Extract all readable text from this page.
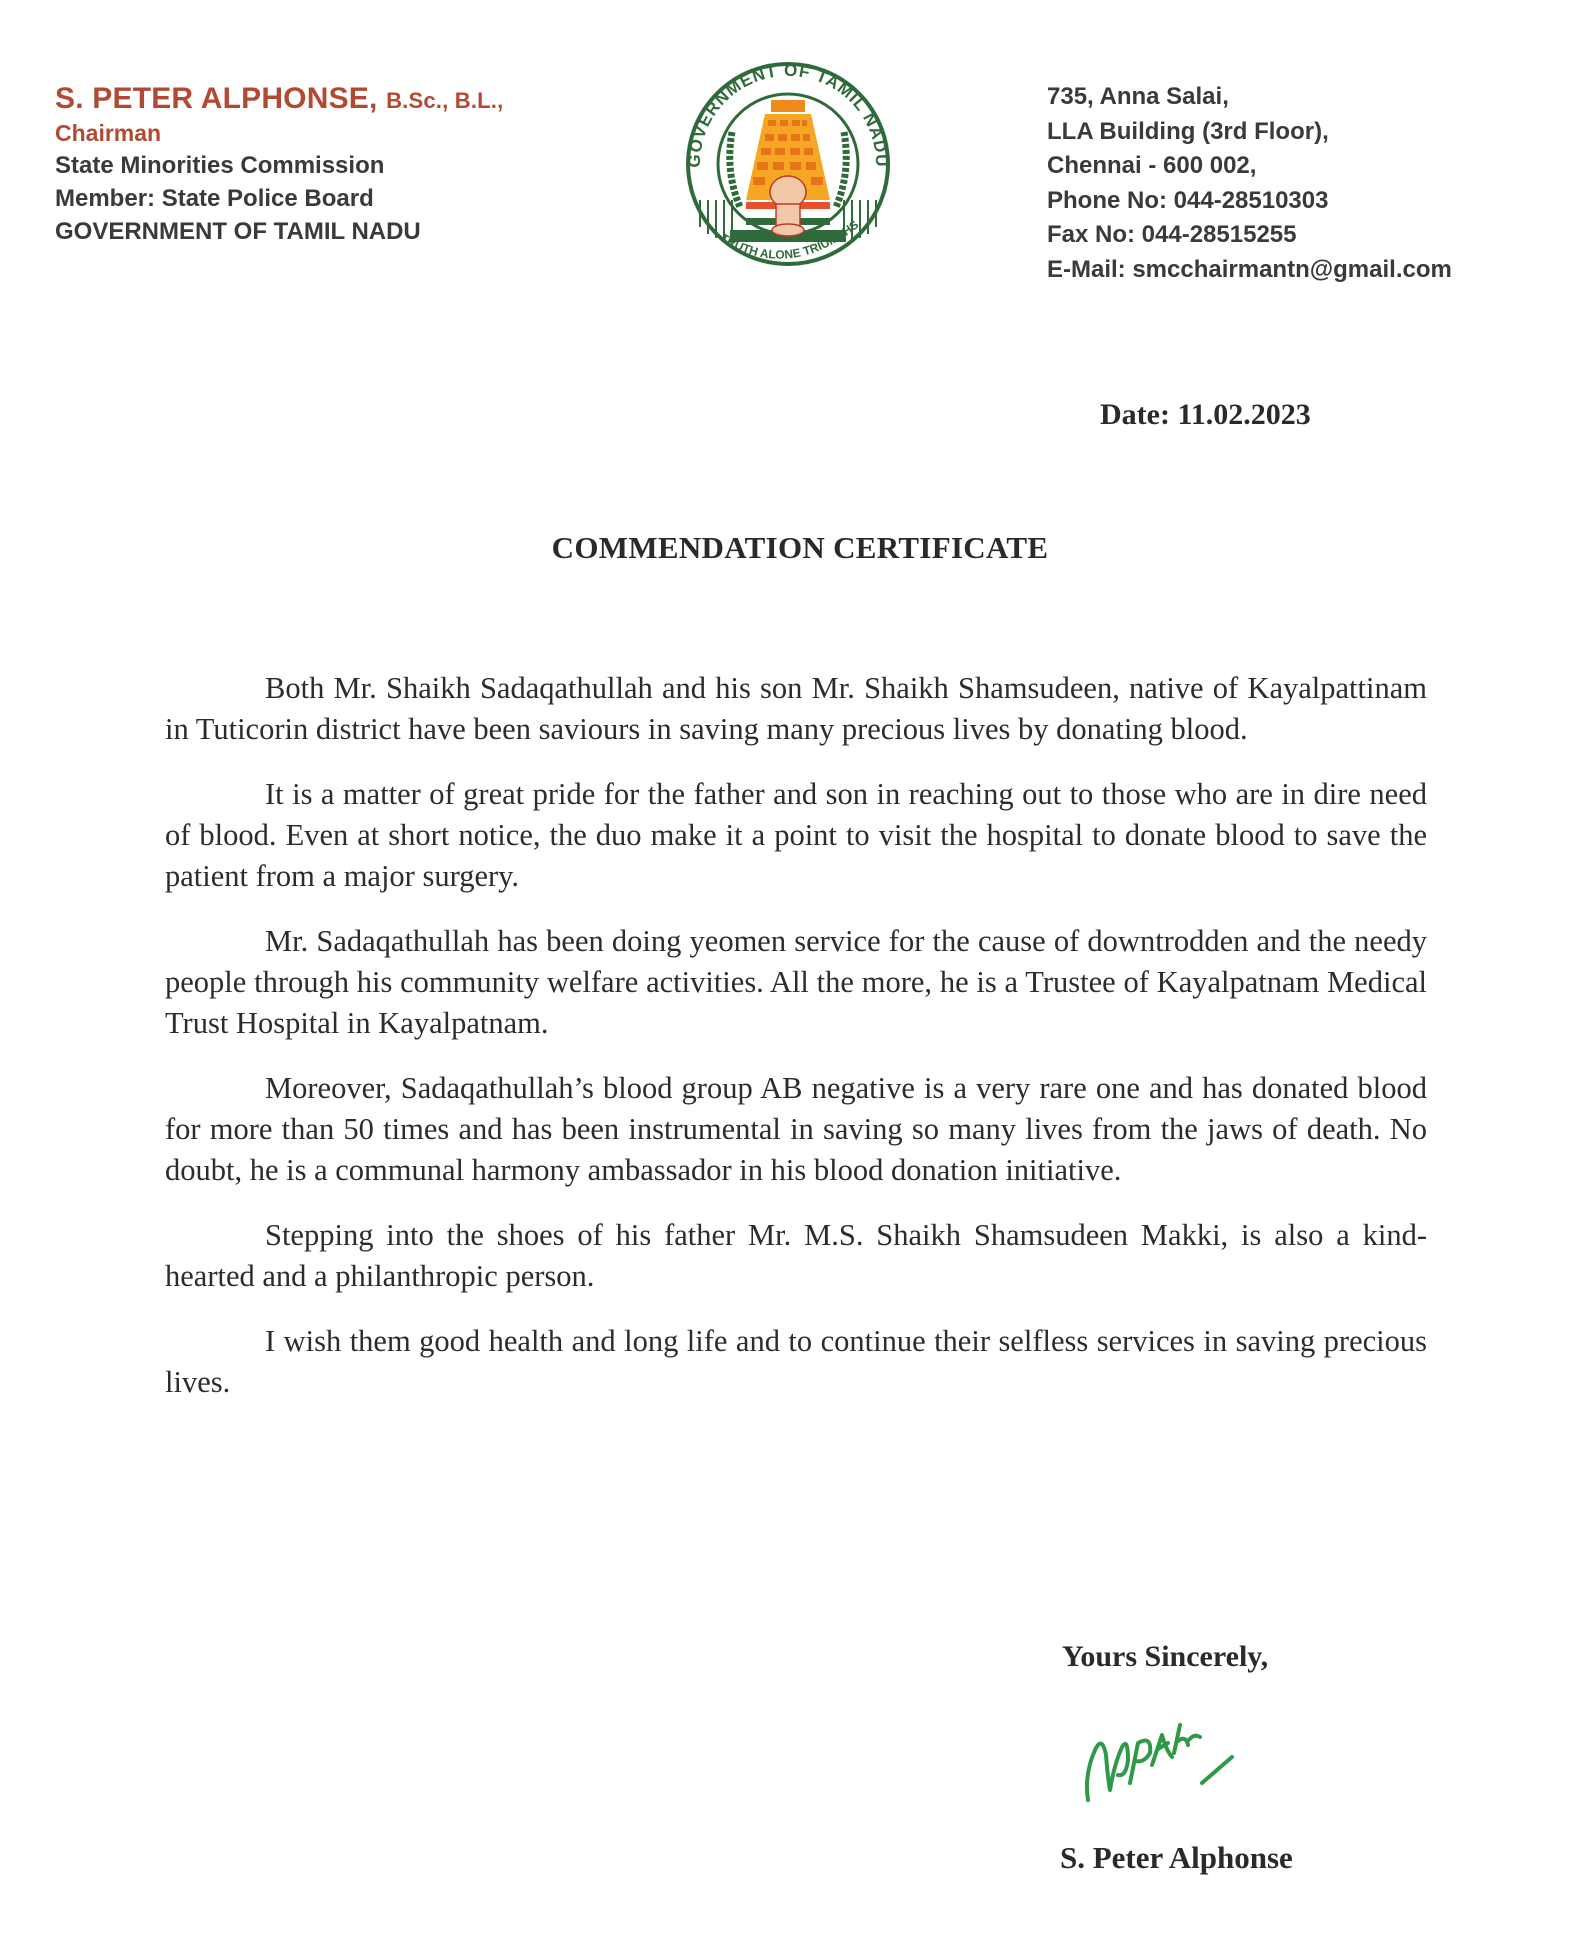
S. PETER ALPHONSE, B.Sc., B.L.,
Chairman
State Minorities Commission
Member: State Police Board
GOVERNMENT OF TAMIL NADU
GOVERNMENT OF TAMIL NADU
TRUTH ALONE TRIUMPHS
735, Anna Salai,
LLA Building (3rd Floor),
Chennai - 600 002,
Phone No: 044-28510303
Fax No: 044-28515255
E-Mail: smcchairmantn@gmail.com
Date: 11.02.2023
COMMENDATION CERTIFICATE

Both Mr. Shaikh Sadaqathullah and his son Mr. Shaikh Shamsudeen, native of Kayalpattinam in Tuticorin district have been saviours in saving many precious lives by donating blood.

It is a matter of great pride for the father and son in reaching out to those who are in dire need of blood. Even at short notice, the duo make it a point to visit the hospital to donate blood to save the patient from a major surgery.

Mr. Sadaqathullah has been doing yeomen service for the cause of downtrodden and the needy people through his community welfare activities. All the more, he is a Trustee of Kayalpatnam Medical Trust Hospital in Kayalpatnam.

Moreover, Sadaqathullah’s blood group AB negative is a very rare one and has donated blood for more than 50 times and has been instrumental in saving so many lives from the jaws of death. No doubt, he is a communal harmony ambassador in his blood donation initiative.

Stepping into the shoes of his father Mr. M.S. Shaikh Shamsudeen Makki, is also a kind-hearted and a philanthropic person.

I wish them good health and long life and to continue their selfless services in saving precious lives.

Yours Sincerely,
S. Peter Alphonse
